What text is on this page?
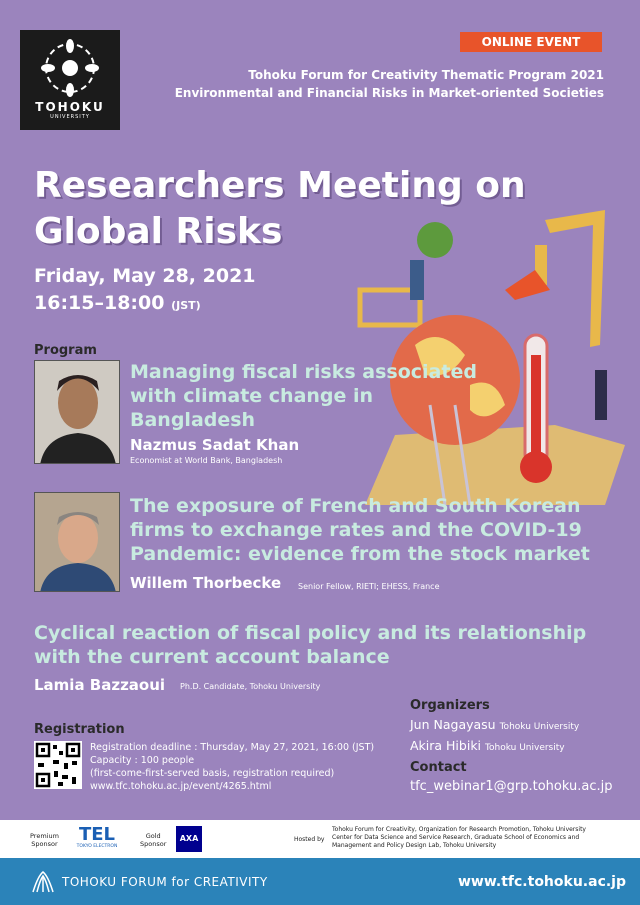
TOHOKU
UNIVERSITY
ONLINE EVENT
Tohoku Forum for Creativity Thematic Program 2021
Environmental and Financial Risks in Market-oriented Societies
Researchers Meeting on
Global Risks
Friday, May 28, 2021
16:15–18:00 (JST)
Program
Managing fiscal risks associated
with climate change in
Bangladesh
Nazmus Sadat Khan
Economist at World Bank, Bangladesh
The exposure of French and South Korean
firms to exchange rates and the COVID-19
Pandemic: evidence from the stock market
Willem Thorbecke Senior Fellow, RIETI; EHESS, France
Cyclical reaction of fiscal policy and its relationship
with the current account balance
Lamia Bazzaoui Ph.D. Candidate, Tohoku University
Registration
Registration deadline : Thursday, May 27, 2021, 16:00 (JST)
Capacity : 100 people
(first-come-first-served basis, registration required)
www.tfc.tohoku.ac.jp/event/4265.html
Organizers
Jun Nagayasu Tohoku University
Akira Hibiki Tohoku University
Contact
tfc_webinar1@grp.tohoku.ac.jp
Premium
Sponsor	TEL
TOKYO ELECTRON
Gold
Sponsor
AXA	Hosted by
Tohoku Forum for Creativity, Organization for Research Promotion, Tohoku University
Center for Data Science and Service Research, Graduate School of Economics and
Management and Policy Design Lab, Tohoku University
TOHOKU FORUM for CREATIVITY	www.tfc.tohoku.ac.jp
